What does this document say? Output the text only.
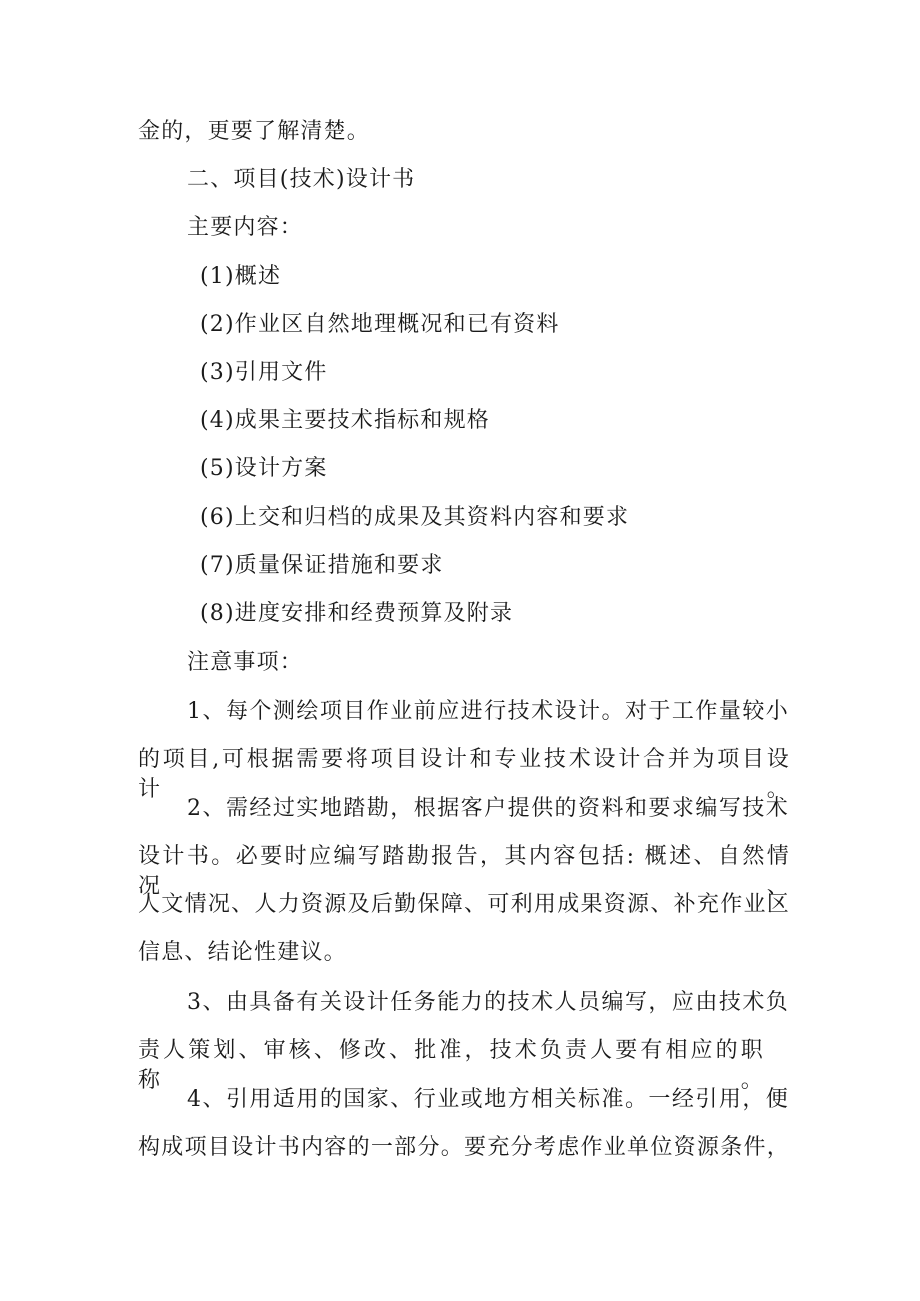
金的，更要了解清楚。
二、项目(技术)设计书
主要内容：
(1)概述
(2)作业区自然地理概况和已有资料
(3)引用文件
(4)成果主要技术指标和规格
(5)设计方案
(6)上交和归档的成果及其资料内容和要求
(7)质量保证措施和要求
(8)进度安排和经费预算及附录
注意事项：
1、每个测绘项目作业前应进行技术设计。对于工作量较小
的项目,可根据需要将项目设计和专业技术设计合并为项目设计。
2、需经过实地踏勘，根据客户提供的资料和要求编写技术
设计书。必要时应编写踏勘报告，其内容包括: 概述、自然情况、
人文情况、人力资源及后勤保障、可利用成果资源、补充作业区
信息、结论性建议。
3、由具备有关设计任务能力的技术人员编写，应由技术负
责人策划、审核、修改、批准，技术负责人要有相应的职称。
4、引用适用的国家、行业或地方相关标准。一经引用，便
构成项目设计书内容的一部分。要充分考虑作业单位资源条件，
